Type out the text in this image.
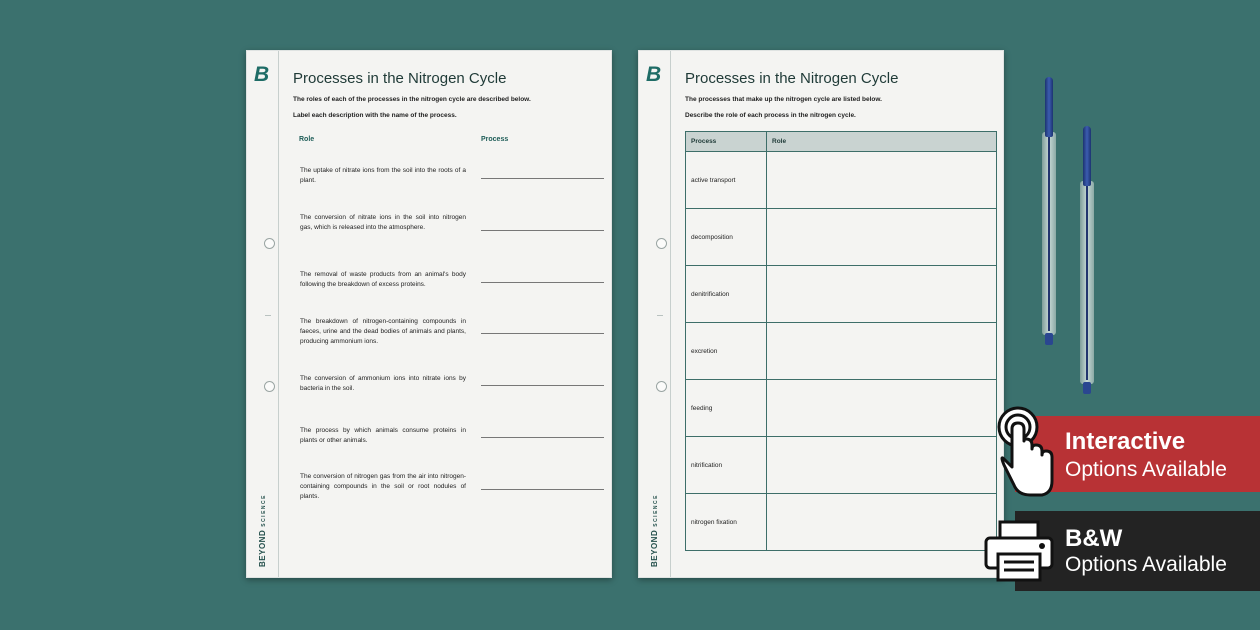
B
BEYONDSCIENCE
Processes in the Nitrogen Cycle
The roles of each of the processes in the nitrogen cycle are described below.
Label each description with the name of the process.
Role	Process
The uptake of nitrate ions from the soil into the roots of a plant.
The conversion of nitrate ions in the soil into nitrogen gas, which is released into the atmosphere.
The removal of waste products from an animal's body following the breakdown of excess proteins.
The breakdown of nitrogen-containing compounds in faeces, urine and the dead bodies of animals and plants, producing ammonium ions.
The conversion of ammonium ions into nitrate ions by bacteria in the soil.
The process by which animals consume proteins in plants or other animals.
The conversion of nitrogen gas from the air into nitrogen-containing compounds in the soil or root nodules of plants.
B
BEYONDSCIENCE
Processes in the Nitrogen Cycle
The processes that make up the nitrogen cycle are listed below.
Describe the role of each process in the nitrogen cycle.
Process	Role
active transport	
decomposition	
denitrification	
excretion	
feeding	
nitrification	
nitrogen fixation	
Interactive
Options Available
B&W
Options Available
